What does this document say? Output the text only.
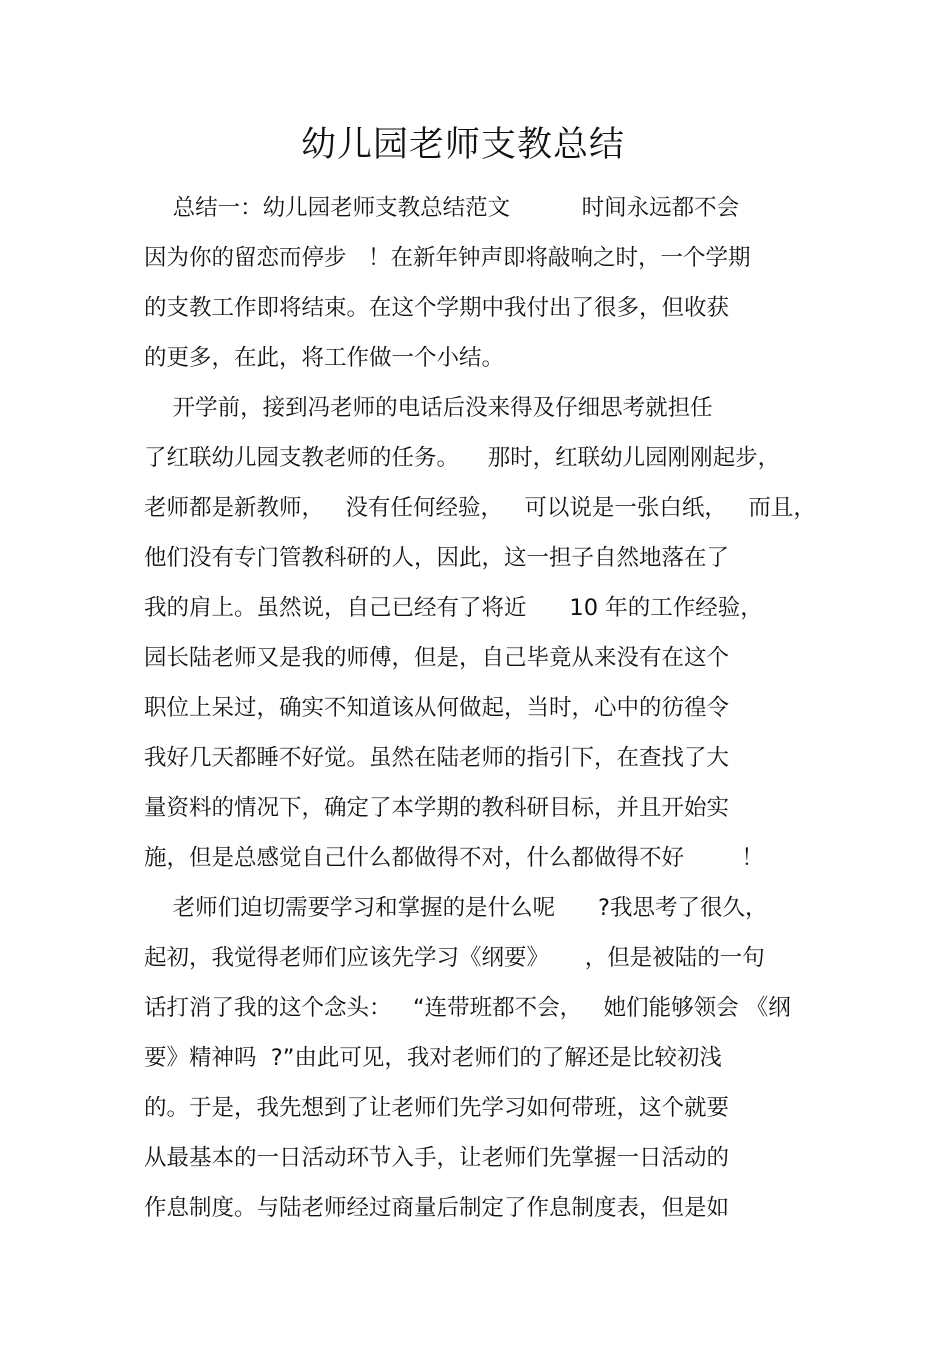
幼儿园老师支教总结
总结一：幼儿园老师支教总结范文          时间永远都不会
因为你的留恋而停步   ！在新年钟声即将敲响之时，一个学期
的支教工作即将结束。在这个学期中我付出了很多，但收获
的更多，在此，将工作做一个小结。
开学前，接到冯老师的电话后没来得及仔细思考就担任
了红联幼儿园支教老师的任务。    那时，红联幼儿园刚刚起步，
老师都是新教师，   没有任何经验，   可以说是一张白纸，   而且，
他们没有专门管教科研的人，因此，这一担子自然地落在了
我的肩上。虽然说，自己已经有了将近      10 年的工作经验，
园长陆老师又是我的师傅，但是，自己毕竟从来没有在这个
职位上呆过，确实不知道该从何做起，当时，心中的彷徨令
我好几天都睡不好觉。虽然在陆老师的指引下，在查找了大
量资料的情况下，确定了本学期的教科研目标，并且开始实
施，但是总感觉自己什么都做得不对，什么都做得不好        ！
老师们迫切需要学习和掌握的是什么呢      ?我思考了很久，
起初，我觉得老师们应该先学习《纲要》     ，但是被陆的一句
话打消了我的这个念头：   “连带班都不会，   她们能够领会 《纲
要》精神吗  ?”由此可见，我对老师们的了解还是比较初浅
的。于是，我先想到了让老师们先学习如何带班，这个就要
从最基本的一日活动环节入手，让老师们先掌握一日活动的
作息制度。与陆老师经过商量后制定了作息制度表，但是如
